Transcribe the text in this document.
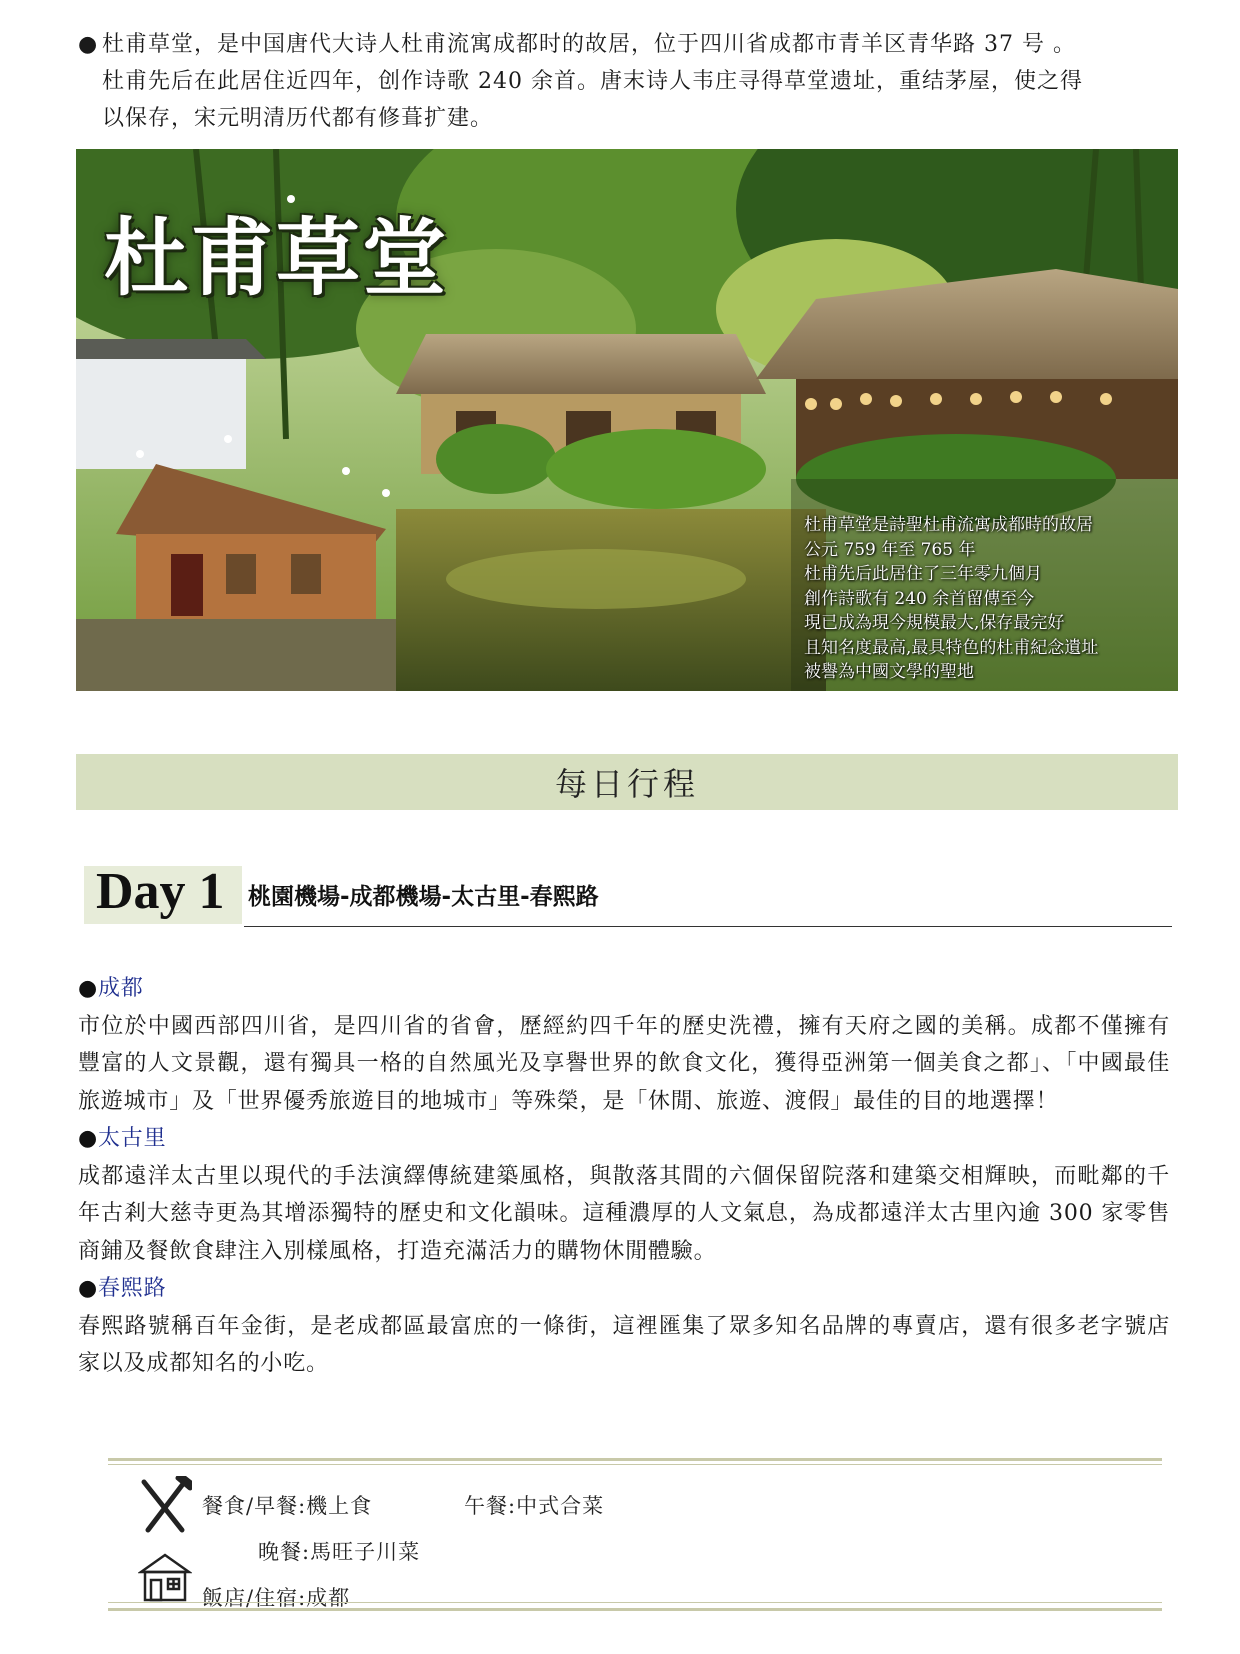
● 杜甫草堂，是中国唐代大诗人杜甫流寓成都时的故居，位于四川省成都市青羊区青华路 37 号 。
杜甫先后在此居住近四年，创作诗歌 240 余首。唐末诗人韦庄寻得草堂遗址，重结茅屋，使之得
以保存，宋元明清历代都有修葺扩建。
杜甫草堂
杜甫草堂是詩聖杜甫流寓成都時的故居
公元 759 年至 765 年
杜甫先后此居住了三年零九個月
創作詩歌有 240 余首留傳至今
現已成為現今規模最大,保存最完好
且知名度最高,最具特色的杜甫紀念遺址
被譽為中國文學的聖地
每日行程
Day 1 桃園機場-成都機場-太古里-春熙路
●成都

市位於中國西部四川省，是四川省的省會，歷經約四千年的歷史洗禮，擁有天府之國的美稱。成都不僅擁有豐富的人文景觀，還有獨具一格的自然風光及享譽世界的飲食文化，獲得亞洲第一個美食之都」、「中國最佳旅遊城市」及「世界優秀旅遊目的地城市」等殊榮，是「休閒、旅遊、渡假」最佳的目的地選擇！

●太古里

成都遠洋太古里以現代的手法演繹傳統建築風格，與散落其間的六個保留院落和建築交相輝映，而毗鄰的千年古剎大慈寺更為其增添獨特的歷史和文化韻味。這種濃厚的人文氣息，為成都遠洋太古里內逾 300 家零售商鋪及餐飲食肆注入別樣風格，打造充滿活力的購物休閒體驗。

●春熙路

春熙路號稱百年金街，是老成都區最富庶的一條街，這裡匯集了眾多知名品牌的專賣店，還有很多老字號店家以及成都知名的小吃。

餐食/早餐:機上食	午餐:中式合菜
晚餐:馬旺子川菜
飯店/住宿:成都
